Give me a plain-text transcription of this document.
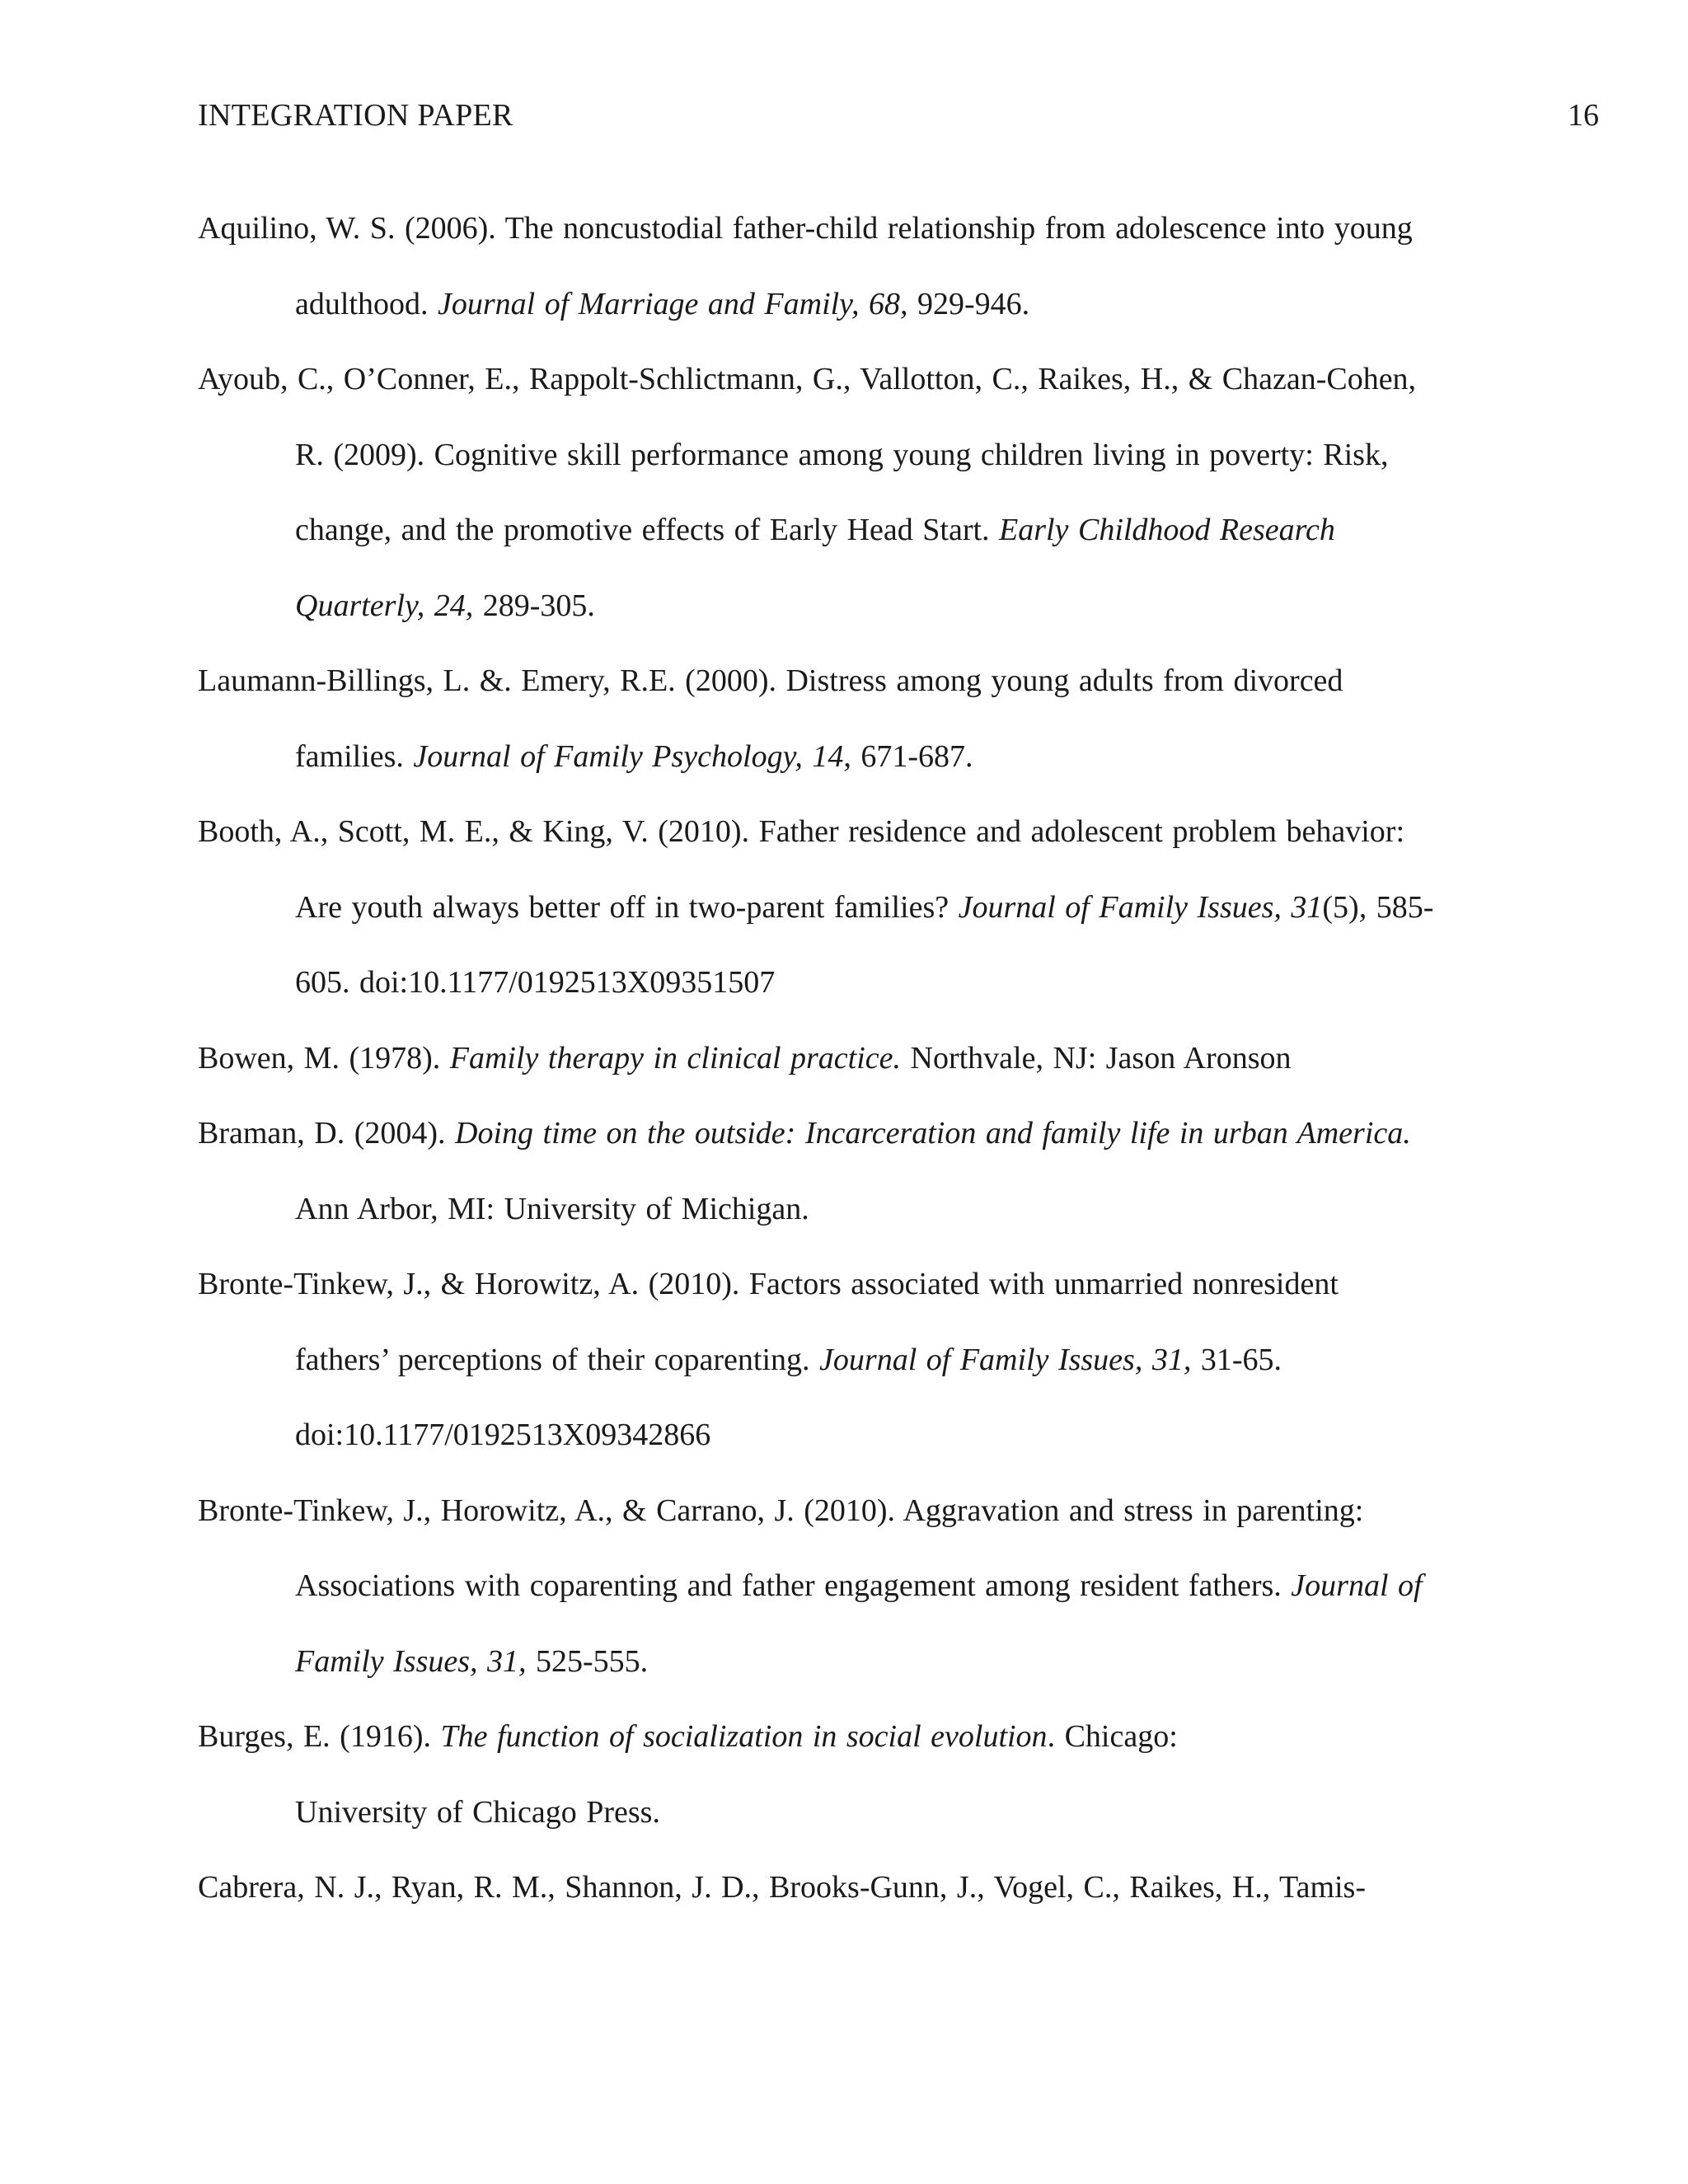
INTEGRATION PAPER	16
Aquilino, W. S. (2006). The noncustodial father-child relationship from adolescence into young
adulthood. Journal of Marriage and Family, 68, 929-946.
Ayoub, C., O’Conner, E., Rappolt-Schlictmann, G., Vallotton, C., Raikes, H., & Chazan-Cohen,
R. (2009). Cognitive skill performance among young children living in poverty: Risk,
change, and the promotive effects of Early Head Start. Early Childhood Research
Quarterly, 24, 289-305.
Laumann-Billings, L. &. Emery, R.E. (2000). Distress among young adults from divorced
families. Journal of Family Psychology, 14, 671-687.
Booth, A., Scott, M. E., & King, V. (2010). Father residence and adolescent problem behavior:
Are youth always better off in two-parent families? Journal of Family Issues, 31(5), 585-
605. doi:10.1177/0192513X09351507
Bowen, M. (1978). Family therapy in clinical practice. Northvale, NJ: Jason Aronson
Braman, D. (2004). Doing time on the outside: Incarceration and family life in urban America.
Ann Arbor, MI: University of Michigan.
Bronte-Tinkew, J., & Horowitz, A. (2010). Factors associated with unmarried nonresident
fathers’ perceptions of their coparenting. Journal of Family Issues, 31, 31-65.
doi:10.1177/0192513X09342866
Bronte-Tinkew, J., Horowitz, A., & Carrano, J. (2010). Aggravation and stress in parenting:
Associations with coparenting and father engagement among resident fathers. Journal of
Family Issues, 31, 525-555.
Burges, E. (1916). The function of socialization in social evolution. Chicago:
University of Chicago Press.
Cabrera, N. J., Ryan, R. M., Shannon, J. D., Brooks-Gunn, J., Vogel, C., Raikes, H., Tamis-
